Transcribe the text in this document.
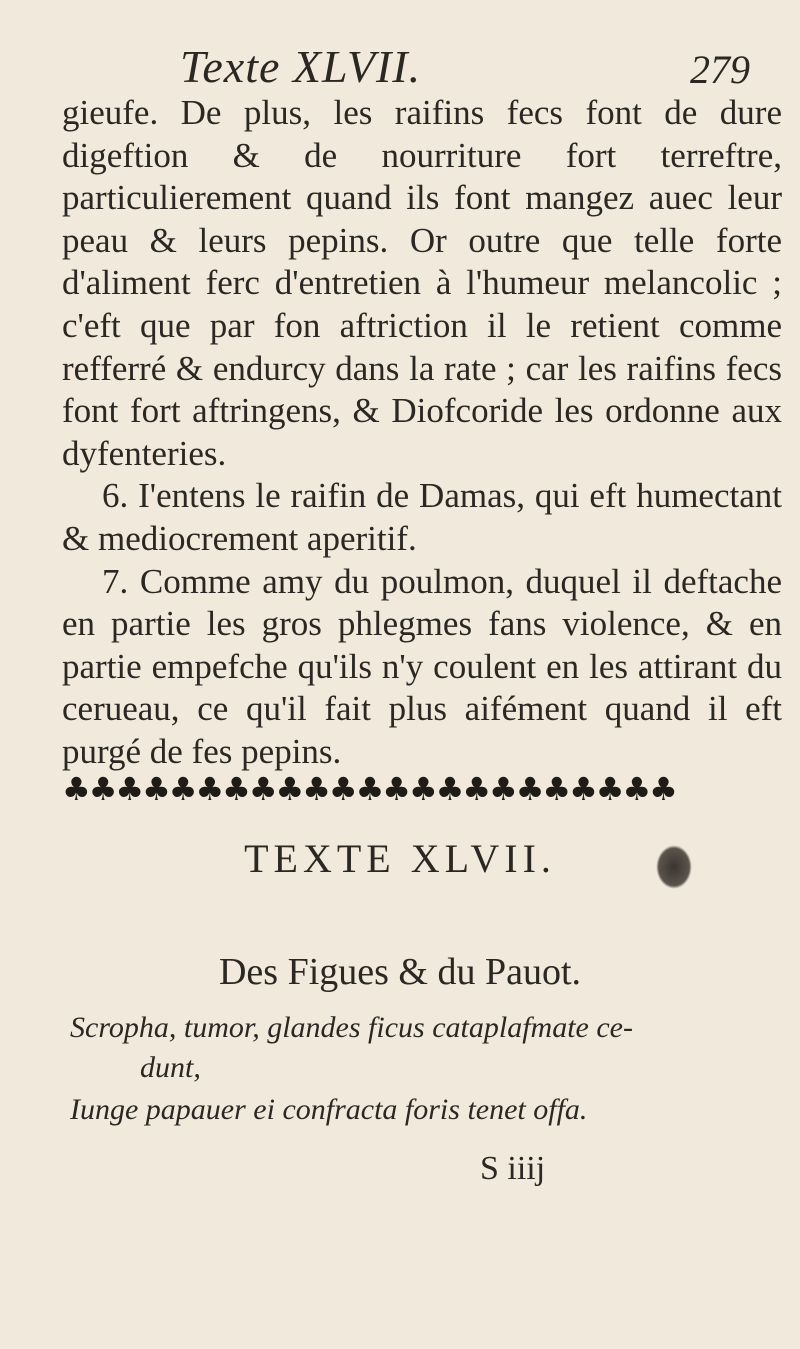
Texte XLVII.	279

gieufe. De plus, les raifins fecs font de dure digeftion & de nourriture fort terreftre, particulierement quand ils font mangez auec leur peau & leurs pepins. Or outre que telle forte d'aliment ferc d'entretien à l'humeur melancolic ; c'eft que par fon aftriction il le retient comme refferré & endurcy dans la rate ; car les raifins fecs font fort aftringens, & Diofcoride les ordonne aux dyfenteries.

6. I'entens le raifin de Damas, qui eft humectant & mediocrement aperitif.

7. Comme amy du poulmon, duquel il deftache en partie les gros phlegmes fans violence, & en partie empefche qu'ils n'y coulent en les attirant du cerueau, ce qu'il fait plus aifément quand il eft purgé de fes pepins.

♣♣♣♣♣♣♣♣♣♣♣♣♣♣♣♣♣♣♣♣♣♣♣
TEXTE XLVII.
Des Figues & du Pauot.
Scropha, tumor, glandes ficus cataplafmate ce-
dunt,
Iunge papauer ei confracta foris tenet offa.
S iiij
